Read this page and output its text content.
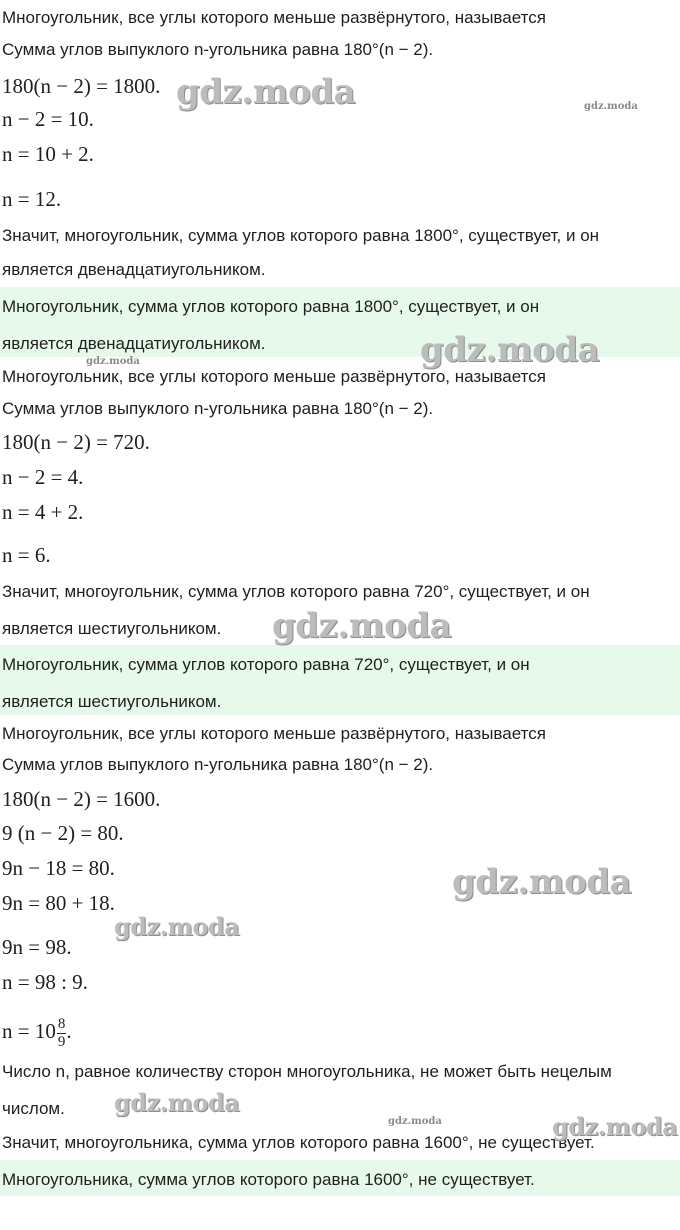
Многоугольник, все углы которого меньше развёрнутого, называется
Сумма углов выпуклого n-угольника равна 180°(n − 2).
180(n − 2) = 1800.
n − 2 = 10.
n = 10 + 2.
n = 12.
Значит, многоугольник, сумма углов которого равна 1800°, существует, и он
является двенадцатиугольником.
Многоугольник, сумма углов которого равна 1800°, существует, и он
является двенадцатиугольником.
Многоугольник, все углы которого меньше развёрнутого, называется
Сумма углов выпуклого n-угольника равна 180°(n − 2).
180(n − 2) = 720.
n − 2 = 4.
n = 4 + 2.
n = 6.
Значит, многоугольник, сумма углов которого равна 720°, существует, и он
является шестиугольником.
Многоугольник, сумма углов которого равна 720°, существует, и он
является шестиугольником.
Многоугольник, все углы которого меньше развёрнутого, называется
Сумма углов выпуклого n-угольника равна 180°(n − 2).
180(n − 2) = 1600.
9 (n − 2) = 80.
9n − 18 = 80.
9n = 80 + 18.
9n = 98.
n = 98 : 9.
$n = 10 \frac{8}{9}$ .
Число n, равное количеству сторон многоугольника, не может быть нецелым
числом.
Значит, многоугольника, сумма углов которого равна 1600°, не существует.
Многоугольника, сумма углов которого равна 1600°, не существует.
gdz.moda	gdz.moda
gdz.moda
gdz.moda
gdz.moda
gdz.moda
gdz.moda
gdz.moda
gdz.moda	gdz.moda
